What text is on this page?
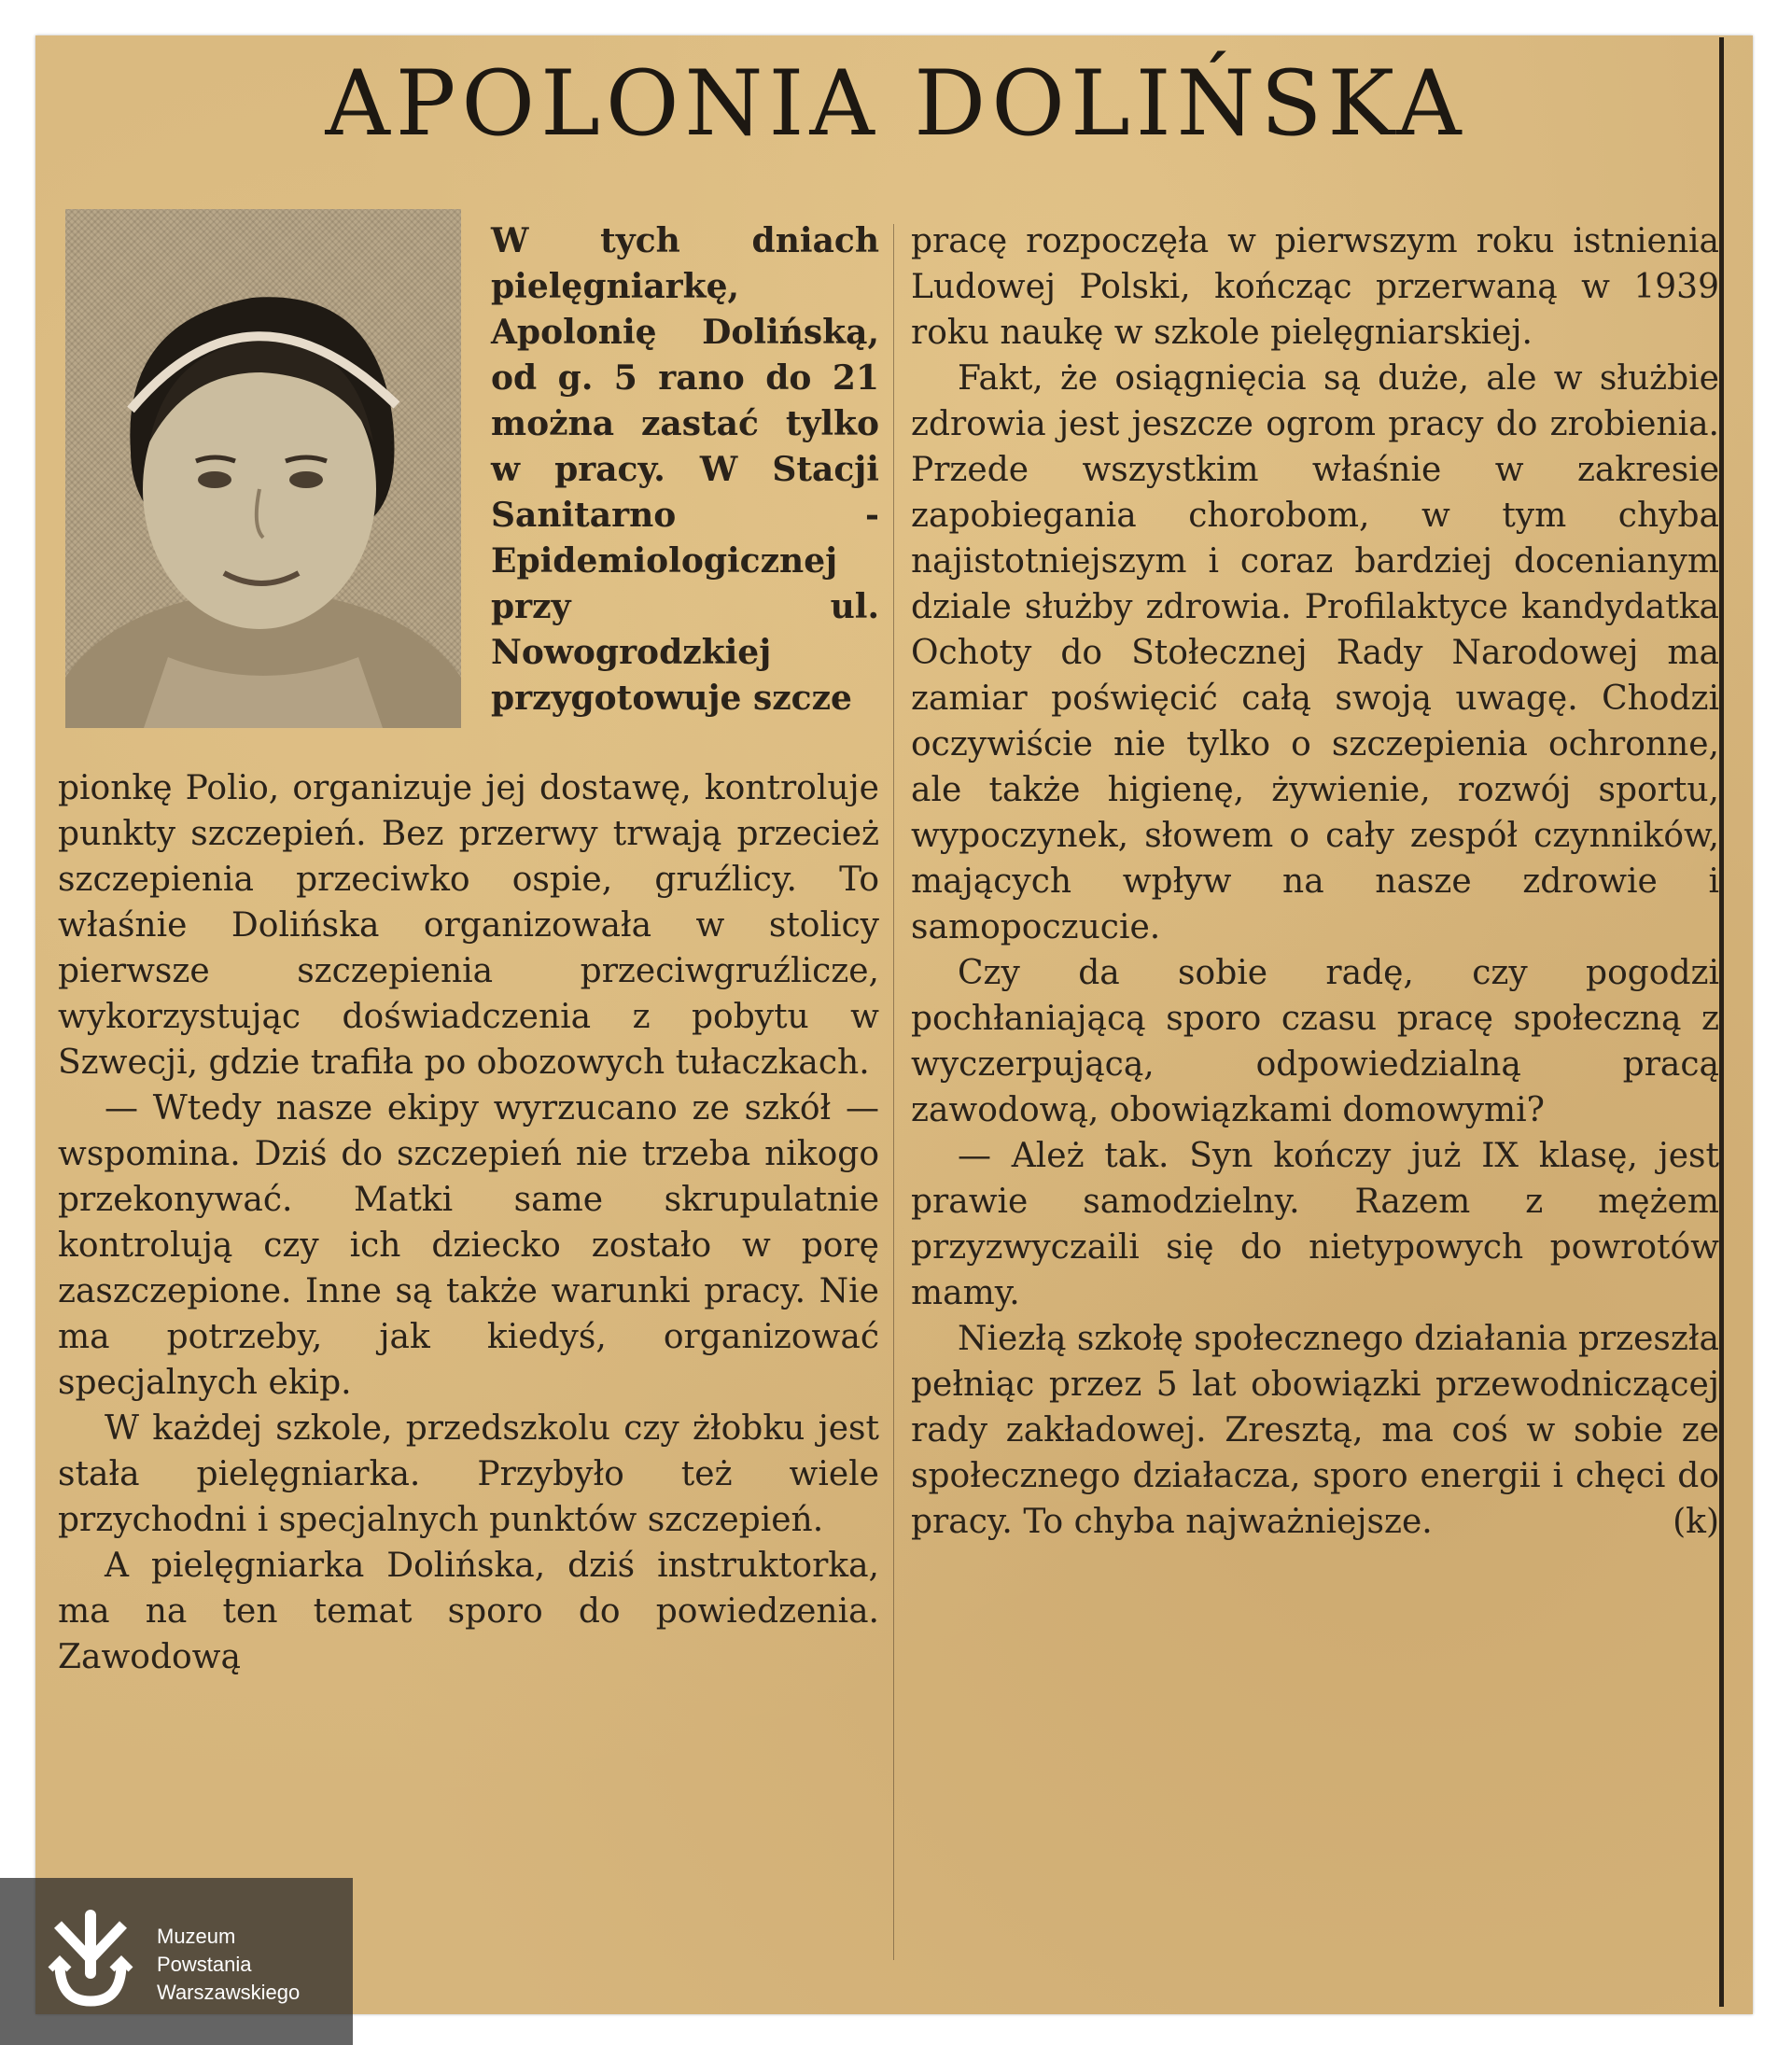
APOLONIA DOLIŃSKA

W tych dniach pielęgniarkę, Apolonię Dolińską, od g. 5 rano do 21 można zastać tylko w pracy. W Stacji Sanitarno - Epidemiologicznej przy ul. Nowogrodzkiej przygotowuje szcze

pionkę Polio, organizuje jej dostawę, kontroluje punkty szczepień. Bez przerwy trwają przecież szczepienia przeciwko ospie, gruźlicy. To właśnie Dolińska organizowała w stolicy pierwsze szczepienia przeciwgruźlicze, wykorzystując doświadczenia z pobytu w Szwecji, gdzie trafiła po obozowych tułaczkach.

— Wtedy nasze ekipy wyrzucano ze szkół — wspomina. Dziś do szczepień nie trzeba nikogo przekonywać. Matki same skrupulatnie kontrolują czy ich dziecko zostało w porę zaszczepione. Inne są także warunki pracy. Nie ma potrzeby, jak kiedyś, organizować specjalnych ekip.

W każdej szkole, przedszkolu czy żłobku jest stała pielęgniarka. Przybyło też wiele przychodni i specjalnych punktów szczepień.

A pielęgniarka Dolińska, dziś instruktorka, ma na ten temat sporo do powiedzenia. Zawodową

pracę rozpoczęła w pierwszym roku istnienia Ludowej Polski, kończąc przerwaną w 1939 roku naukę w szkole pielęgniarskiej.

Fakt, że osiągnięcia są duże, ale w służbie zdrowia jest jeszcze ogrom pracy do zrobienia. Przede wszystkim właśnie w zakresie zapobiegania chorobom, w tym chyba najistotniejszym i coraz bardziej docenianym dziale służby zdrowia. Profilaktyce kandydatka Ochoty do Stołecznej Rady Narodowej ma zamiar poświęcić całą swoją uwagę. Chodzi oczywiście nie tylko o szczepienia ochronne, ale także higienę, żywienie, rozwój sportu, wypoczynek, słowem o cały zespół czynników, mających wpływ na nasze zdrowie i samopoczucie.

Czy da sobie radę, czy pogodzi pochłaniającą sporo czasu pracę społeczną z wyczerpującą, odpowiedzialną pracą zawodową, obowiązkami domowymi?

— Ależ tak. Syn kończy już IX klasę, jest prawie samodzielny. Razem z mężem przyzwyczaili się do nietypowych powrotów mamy.

Niezłą szkołę społecznego działania przeszła pełniąc przez 5 lat obowiązki przewodniczącej rady zakładowej. Zresztą, ma coś w sobie ze społecznego działacza, sporo energii i chęci do pracy. To chyba najważniejsze.	(k)

Muzeum
Powstania
Warszawskiego
